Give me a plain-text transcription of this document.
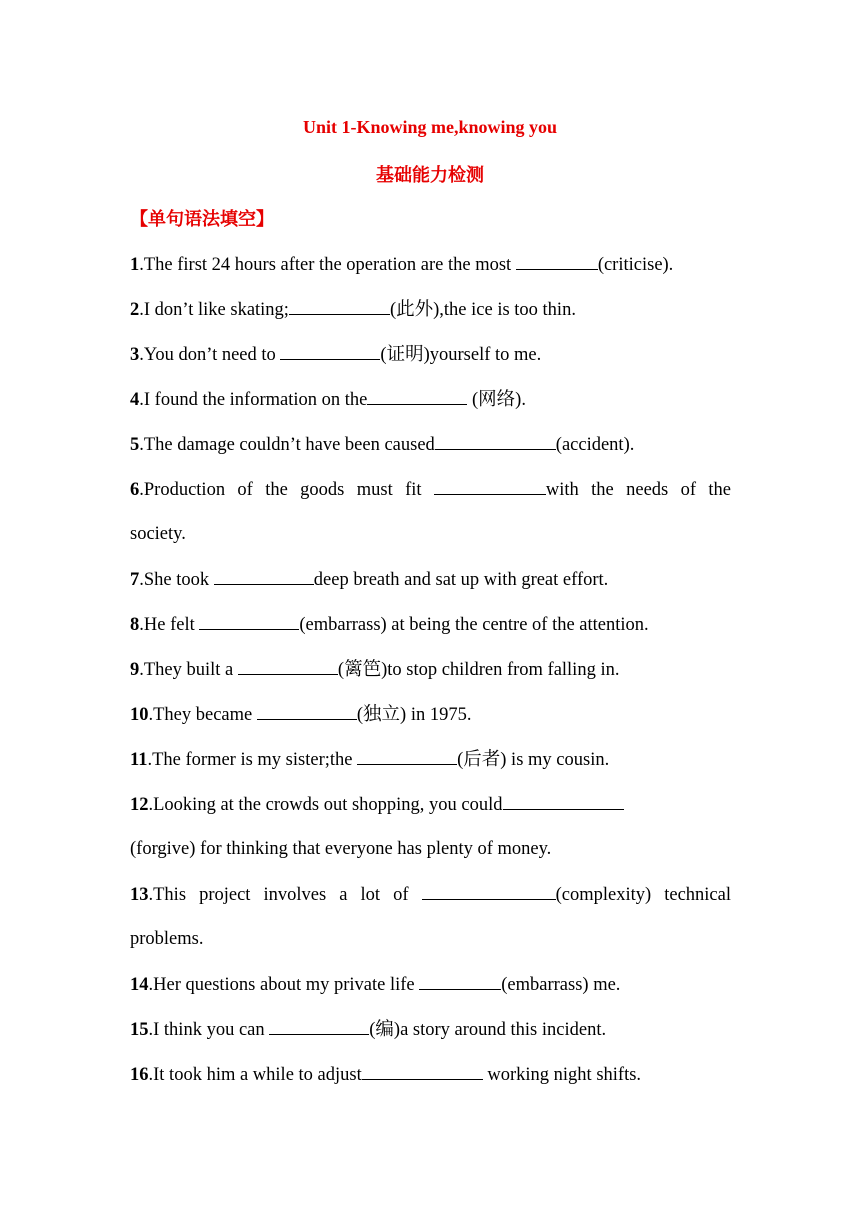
Unit 1-Knowing me,knowing you
基础能力检测
【单句语法填空】
1.The first 24 hours after the operation are the most	(criticise).
2.I don’t like skating;	(此外),the ice is too thin.
3.You don’t need to	(证明)yourself to me.
4.I found the information on the	(网络).
5.The damage couldn’t have been caused	(accident).
6.Production of the goods must fit	with the needs of the
society.
7.She took	deep breath and sat up with great effort.
8.He felt	(embarrass) at being the centre of the attention.
9.They built a	(篱笆)to stop children from falling in.
10.They became	(独立) in 1975.
11.The former is my sister;the	(后者) is my cousin.
12.Looking at the crowds out shopping, you could
(forgive) for thinking that everyone has plenty of money.
13.This project involves a lot of	(complexity) technical
problems.
14.Her questions about my private life	(embarrass) me.
15.I think you can	(编)a story around this incident.
16.It took him a while to adjust	working night shifts.
